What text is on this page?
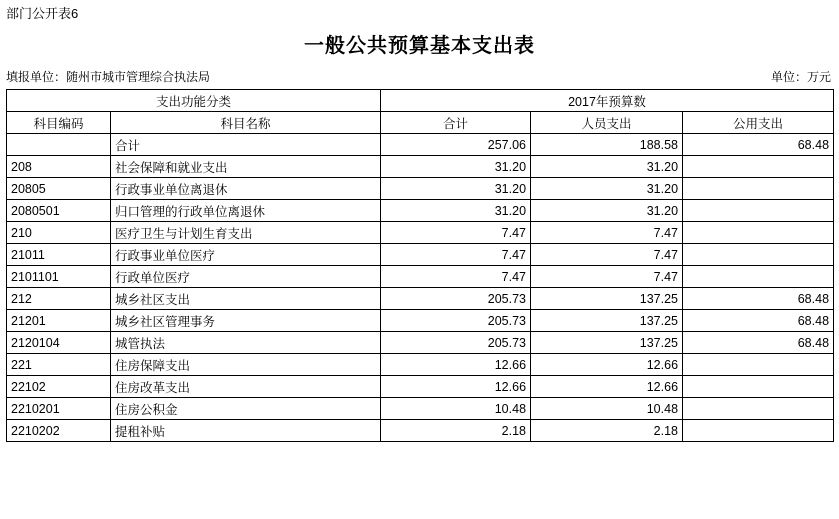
部门公开表6
一般公共预算基本支出表
填报单位：随州市城市管理综合执法局	单位：万元
支出功能分类		2017年预算数		
科目编码	科目名称	合计	人员支出	公用支出
	合计	257.06	188.58	68.48
208	社会保障和就业支出	31.20	31.20	
20805	行政事业单位离退休	31.20	31.20	
2080501	归口管理的行政单位离退休	31.20	31.20	
210	医疗卫生与计划生育支出	7.47	7.47	
21011	行政事业单位医疗	7.47	7.47	
2101101	行政单位医疗	7.47	7.47	
212	城乡社区支出	205.73	137.25	68.48
21201	城乡社区管理事务	205.73	137.25	68.48
2120104	城管执法	205.73	137.25	68.48
221	住房保障支出	12.66	12.66	
22102	住房改革支出	12.66	12.66	
2210201	住房公积金	10.48	10.48	
2210202	提租补贴	2.18	2.18	
